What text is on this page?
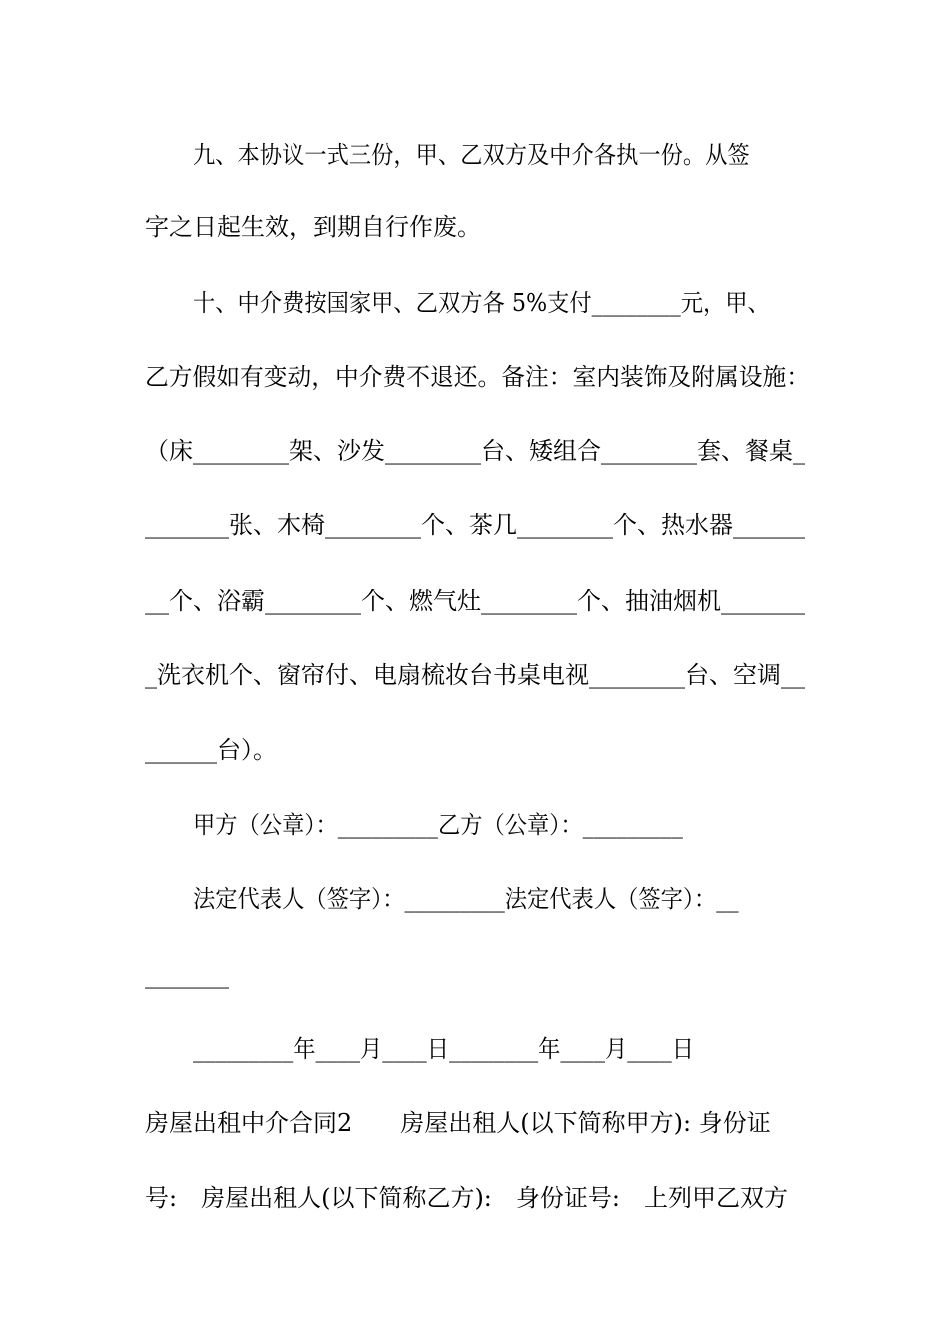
九、本协议一式三份，甲、乙双方及中介各执一份。从签
字之日起生效，到期自行作废。
十、中介费按国家甲、乙双方各 5%支付________元，甲、
乙方假如有变动，中介费不退还。备注：室内装饰及附属设施：
（床________架、沙发________台、矮组合________套、餐桌_
_______张、木椅________个、茶几________个、热水器______
__个、浴霸________个、燃气灶________个、抽油烟机_______
_洗衣机个、窗帘付、电扇梳妆台书桌电视________台、空调__
______台）。
甲方（公章）：_________乙方（公章）：_________
法定代表人（签字）：_________法定代表人（签字）：__
_______
_________年____月____日________年____月____日
房屋出租中介合同2　　房屋出租人(以下简称甲方): 身份证
号:　房屋出租人(以下简称乙方):　身份证号:　上列甲乙双方
